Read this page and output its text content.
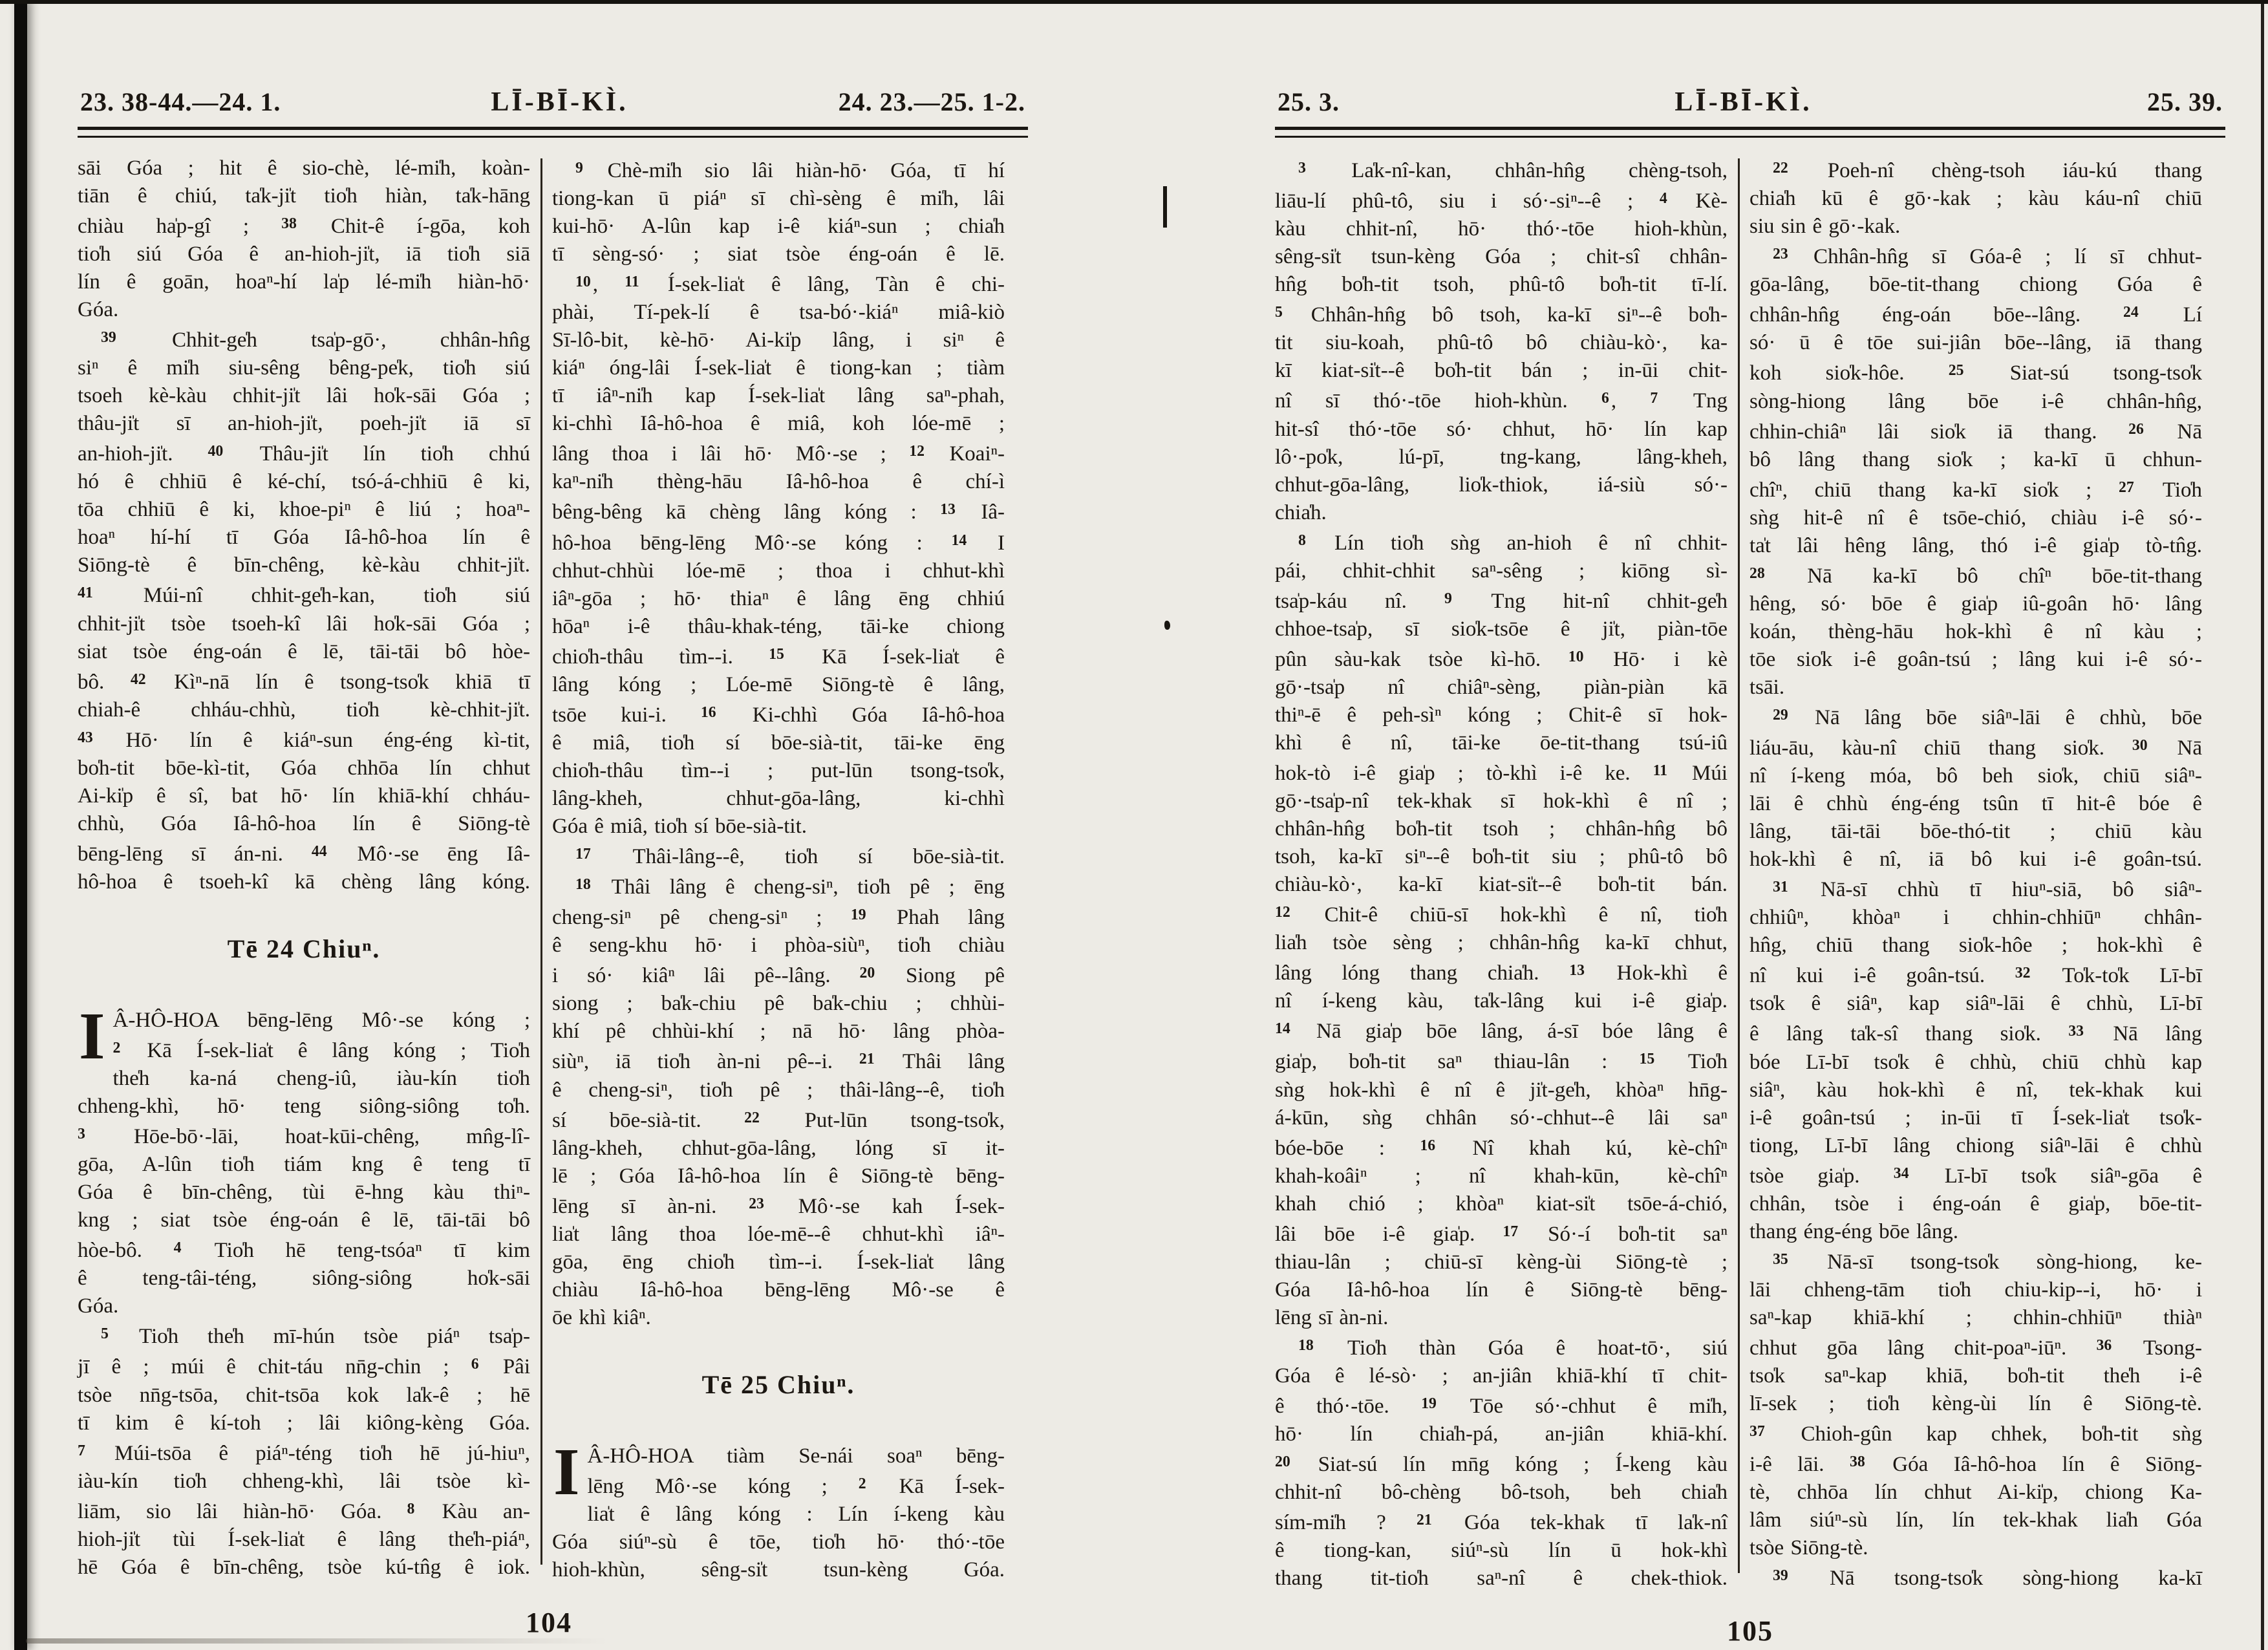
23. 38-44.—24. 1.	LĪ-BĪ-KÌ.	24. 23.—25. 1-2.
sāi Góa ; hit ê sio-chè, lé-mi̍h, koàn-
tiān ê chiú, ta̍k-ji̍t tio̍h hiàn, ta̍k-hāng
chiàu ha̍p-gî ; $^{38}$ Chit-ê í-gōa, koh
tio̍h siú Góa ê an-hioh-ji̍t, iā tio̍h siā
lín ê goān, hoaⁿ-hí la̍p lé-mi̍h hiàn-hō·
Góa.
$^{39}$ Chhit-ge̍h tsa̍p-gō·, chhân-hn̂g
siⁿ ê mi̍h siu-sêng bêng-pe̍k, tio̍h siú
tsoeh kè-kàu chhit-ji̍t lâi ho̍k-sāi Góa ;
thâu-ji̍t sī an-hioh-ji̍t, poeh-ji̍t iā sī
an-hioh-ji̍t. $^{40}$ Thâu-ji̍t lín tio̍h chhú
hó ê chhiū ê ké-chí, tsó-á-chhiū ê ki,
tōa chhiū ê ki, khoe-piⁿ ê liú ; hoaⁿ-
hoaⁿ hí-hí tī Góa Iâ-hô-hoa lín ê
Siōng-tè ê bīn-chêng, kè-kàu chhit-ji̍t.
$^{41}$ Múi-nî chhit-ge̍h-kan, tio̍h siú
chhit-ji̍t tsòe tsoeh-kî lâi ho̍k-sāi Góa ;
siat tsòe éng-oán ê lē, tāi-tāi bô hòe-
bô. $^{42}$ Kìⁿ-nā lín ê tsong-tso̍k khiā tī
chiah-ê chháu-chhù, tio̍h kè-chhit-ji̍t.
$^{43}$ Hō· lín ê kiáⁿ-sun éng-éng kì-tit,
bo̍h-tit bōe-kì-tit, Góa chhōa lín chhut
Ai-ki̍p ê sî, bat hō· lín khiā-khí chháu-
chhù, Góa Iâ-hô-hoa lín ê Siōng-tè
bēng-lēng sī án-ni. $^{44}$ Mô·-se ēng Iâ-
hô-hoa ê tsoeh-kî kā chèng lâng kóng.
Tē 24 Chiuⁿ.
I Â-HÔ-HOA bēng-lēng Mô·-se kóng ;
$^2$ Kā Í-sek-lia̍t ê lâng kóng ; Tio̍h
the̍h ka-ná cheng-iû, iàu-kín tio̍h
chheng-khì, hō· teng siông-siông to̍h.
$^3$ Hōe-bō·-lāi, hoat-kūi-chêng, mn̂g-lî-
gōa, A-lûn tio̍h tiám kng ê teng tī
Góa ê bīn-chêng, tùi ē-hng kàu thiⁿ-
kng ; siat tsòe éng-oán ê lē, tāi-tāi bô
hòe-bô. $^4$ Tio̍h hē teng-tsóaⁿ tī kim
ê teng-tâi-téng, siông-siông ho̍k-sāi
Góa.
$^5$ Tio̍h the̍h mī-hún tsòe piáⁿ tsa̍p-
jī ê ; múi ê chit-táu nn̄g-chin ; $^6$ Pâi
tsòe nn̄g-tsōa, chit-tsōa kok la̍k-ê ; hē
tī kim ê kí-toh ; lâi kiông-kèng Góa.
$^7$ Múi-tsōa ê piáⁿ-téng tio̍h hē jú-hiuⁿ,
iàu-kín tio̍h chheng-khì, lâi tsòe kì-
liām, sio lâi hiàn-hō· Góa. $^8$ Kàu an-
hioh-ji̍t tùi Í-sek-lia̍t ê lâng the̍h-piáⁿ,
hē Góa ê bīn-chêng, tsòe kú-tn̂g ê iok.
$^9$ Chè-mi̍h sio lâi hiàn-hō· Góa, tī hí
tiong-kan ū piáⁿ sī chì-sèng ê mi̍h, lâi
kui-hō· A-lûn kap i-ê kiáⁿ-sun ; chia̍h
tī sèng-só· ; siat tsòe éng-oán ê lē.
$^{10}$, $^{11}$ Í-sek-lia̍t ê lâng, Tàn ê chi-
phài, Tí-pek-lí ê tsa-bó·-kiáⁿ miâ-kiò
Sī-lô-bit, kè-hō· Ai-ki̍p lâng, i siⁿ ê
kiáⁿ óng-lâi Í-sek-lia̍t ê tiong-kan ; tiàm
tī iâⁿ-ni̍h kap Í-sek-lia̍t lâng saⁿ-phah,
ki-chhì Iâ-hô-hoa ê miâ, koh lóe-mē ;
lâng thoa i lâi hō· Mô·-se ; $^{12}$ Koaiⁿ-
kaⁿ-ni̍h thèng-hāu Iâ-hô-hoa ê chí-ì
bêng-bêng kā chèng lâng kóng : $^{13}$ Iâ-
hô-hoa bēng-lēng Mô·-se kóng : $^{14}$ I
chhut-chhùi lóe-mē ; thoa i chhut-khì
iâⁿ-gōa ; hō· thiaⁿ ê lâng ēng chhiú
hōaⁿ i-ê thâu-khak-téng, tāi-ke chiong
chio̍h-thâu tìm--i. $^{15}$ Kā Í-sek-lia̍t ê
lâng kóng ; Lóe-mē Siōng-tè ê lâng,
tsōe kui-i. $^{16}$ Ki-chhì Góa Iâ-hô-hoa
ê miâ, tio̍h sí bōe-sià-tit, tāi-ke ēng
chio̍h-thâu tìm--i ; put-lūn tsong-tso̍k,
lâng-kheh, chhut-gōa-lâng, ki-chhì
Góa ê miâ, tio̍h sí bōe-sià-tit.
$^{17}$ Thâi-lâng--ê, tio̍h sí bōe-sià-tit.
$^{18}$ Thâi lâng ê cheng-siⁿ, tio̍h pê ; ēng
cheng-siⁿ pê cheng-siⁿ ; $^{19}$ Phah lâng
ê seng-khu hō· i phòa-siùⁿ, tio̍h chiàu
i só· kiâⁿ lâi pê--lâng. $^{20}$ Siong pê
siong ; ba̍k-chiu pê ba̍k-chiu ; chhùi-
khí pê chhùi-khí ; nā hō· lâng phòa-
siùⁿ, iā tio̍h àn-ni pê--i. $^{21}$ Thâi lâng
ê cheng-siⁿ, tio̍h pê ; thâi-lâng--ê, tio̍h
sí bōe-sià-tit. $^{22}$ Put-lūn tsong-tso̍k,
lâng-kheh, chhut-gōa-lâng, lóng sī it-
lē ; Góa Iâ-hô-hoa lín ê Siōng-tè bēng-
lēng sī àn-ni. $^{23}$ Mô·-se kah Í-sek-
lia̍t lâng thoa lóe-mē--ê chhut-khì iâⁿ-
gōa, ēng chio̍h tìm--i. Í-sek-lia̍t lâng
chiàu Iâ-hô-hoa bēng-lēng Mô·-se ê
ōe khì kiâⁿ.
Tē 25 Chiuⁿ.
I Â-HÔ-HOA tiàm Se-nái soaⁿ bēng-
lēng Mô·-se kóng ; $^2$ Kā Í-sek-
lia̍t ê lâng kóng : Lín í-keng kàu
Góa siúⁿ-sù ê tōe, tio̍h hō· thó·-tōe
hioh-khùn, sêng-si̍t tsun-kèng Góa.
104
25. 3.	LĪ-BĪ-KÌ.	25. 39.
$^3$ La̍k-nî-kan, chhân-hn̂g chèng-tsoh,
liāu-lí phû-tô, siu i só·-siⁿ--ê ; $^4$ Kè-
kàu chhit-nî, hō· thó·-tōe hioh-khùn,
sêng-si̍t tsun-kèng Góa ; chit-sî chhân-
hn̂g bo̍h-tit tsoh, phû-tô bo̍h-tit tī-lí.
$^5$ Chhân-hn̂g bô tsoh, ka-kī siⁿ--ê bo̍h-
tit siu-koah, phû-tô bô chiàu-kò·, ka-
kī kiat-si̍t--ê bo̍h-tit bán ; in-ūi chit-
nî sī thó·-tōe hioh-khùn. $^6$, $^7$ Tng
hit-sî thó·-tōe só· chhut, hō· lín kap
lô·-po̍k, lú-pī, tng-kang, lâng-kheh,
chhut-gōa-lâng, lio̍k-thiok, iá-siù só·-
chia̍h.
$^8$ Lín tio̍h sǹg an-hioh ê nî chhit-
pái, chhit-chhit saⁿ-sêng ; kiōng sì-
tsa̍p-káu nî. $^9$ Tng hit-nî chhit-ge̍h
chhoe-tsa̍p, sī sio̍k-tsōe ê ji̍t, piàn-tōe
pûn sàu-kak tsòe kì-hō. $^{10}$ Hō· i kè
gō·-tsa̍p nî chiâⁿ-sèng, piàn-piàn kā
thiⁿ-ē ê peh-sìⁿ kóng ; Chit-ê sī hok-
khì ê nî, tāi-ke ōe-tit-thang tsú-iû
hok-tò i-ê gia̍p ; tò-khì i-ê ke. $^{11}$ Múi
gō·-tsa̍p-nî tek-khak sī hok-khì ê nî ;
chhân-hn̂g bo̍h-tit tsoh ; chhân-hn̂g bô
tsoh, ka-kī siⁿ--ê bo̍h-tit siu ; phû-tô bô
chiàu-kò·, ka-kī kiat-si̍t--ê bo̍h-tit bán.
$^{12}$ Chit-ê chiū-sī hok-khì ê nî, tio̍h
lia̍h tsòe sèng ; chhân-hn̂g ka-kī chhut,
lâng lóng thang chia̍h. $^{13}$ Hok-khì ê
nî í-keng kàu, ta̍k-lâng kui i-ê gia̍p.
$^{14}$ Nā gia̍p bōe lâng, á-sī bóe lâng ê
gia̍p, bo̍h-tit saⁿ thiau-lân : $^{15}$ Tio̍h
sǹg hok-khì ê nî ê ji̍t-ge̍h, khòaⁿ hn̄g-
á-kūn, sǹg chhân só·-chhut--ê lâi saⁿ
bóe-bōe : $^{16}$ Nî khah kú, kè-chîⁿ
khah-koâiⁿ ; nî khah-kūn, kè-chîⁿ
khah chió ; khòaⁿ kiat-si̍t tsōe-á-chió,
lâi bōe i-ê gia̍p. $^{17}$ Só·-í bo̍h-tit saⁿ
thiau-lân ; chiū-sī kèng-ùi Siōng-tè ;
Góa Iâ-hô-hoa lín ê Siōng-tè bēng-
lēng sī àn-ni.
$^{18}$ Tio̍h thàn Góa ê hoat-tō·, siú
Góa ê lé-sò· ; an-jiân khiā-khí tī chit-
ê thó·-tōe. $^{19}$ Tōe só·-chhut ê mi̍h,
hō· lín chia̍h-pá, an-jiân khiā-khí.
$^{20}$ Siat-sú lín mn̄g kóng ; Í-keng kàu
chhit-nî bô-chèng bô-tsoh, beh chia̍h
sím-mi̍h ? $^{21}$ Góa tek-khak tī la̍k-nî
ê tiong-kan, siúⁿ-sù lín ū hok-khì
thang tit-tio̍h saⁿ-nî ê chek-thiok.
$^{22}$ Poeh-nî chèng-tsoh iáu-kú thang
chia̍h kū ê gō·-kak ; kàu káu-nî chiū
siu sin ê gō·-kak.
$^{23}$ Chhân-hn̂g sī Góa-ê ; lí sī chhut-
gōa-lâng, bōe-tit-thang chiong Góa ê
chhân-hn̂g éng-oán bōe--lâng. $^{24}$ Lí
só· ū ê tōe sui-jiân bōe--lâng, iā thang
koh sio̍k-hôe. $^{25}$ Siat-sú tsong-tso̍k
sòng-hiong lâng bōe i-ê chhân-hn̂g,
chhin-chiâⁿ lâi sio̍k iā thang. $^{26}$ Nā
bô lâng thang sio̍k ; ka-kī ū chhun-
chîⁿ, chiū thang ka-kī sio̍k ; $^{27}$ Tio̍h
sǹg hit-ê nî ê tsōe-chió, chiàu i-ê só·-
ta̍t lâi hêng lâng, thó i-ê gia̍p tò-tn̂g.
$^{28}$ Nā ka-kī bô chîⁿ bōe-tit-thang
hêng, só· bōe ê gia̍p iû-goân hō· lâng
koán, thèng-hāu hok-khì ê nî kàu ;
tōe sio̍k i-ê goân-tsú ; lâng kui i-ê só·-
tsāi.
$^{29}$ Nā lâng bōe siâⁿ-lāi ê chhù, bōe
liáu-āu, kàu-nî chiū thang sio̍k. $^{30}$ Nā
nî í-keng móa, bô beh sio̍k, chiū siâⁿ-
lāi ê chhù éng-éng tsûn tī hit-ê bóe ê
lâng, tāi-tāi bōe-thó-tit ; chiū kàu
hok-khì ê nî, iā bô kui i-ê goân-tsú.
$^{31}$ Nā-sī chhù tī hiuⁿ-siā, bô siâⁿ-
chhiûⁿ, khòaⁿ i chhin-chhiūⁿ chhân-
hn̂g, chiū thang sio̍k-hôe ; hok-khì ê
nî kui i-ê goân-tsú. $^{32}$ To̍k-to̍k Lī-bī
tso̍k ê siâⁿ, kap siâⁿ-lāi ê chhù, Lī-bī
ê lâng ta̍k-sî thang sio̍k. $^{33}$ Nā lâng
bóe Lī-bī tso̍k ê chhù, chiū chhù kap
siâⁿ, kàu hok-khì ê nî, tek-khak kui
i-ê goân-tsú ; in-ūi tī Í-sek-lia̍t tso̍k-
tiong, Lī-bī lâng chiong siâⁿ-lāi ê chhù
tsòe gia̍p. $^{34}$ Lī-bī tso̍k siâⁿ-gōa ê
chhân, tsòe i éng-oán ê gia̍p, bōe-tit-
thang éng-éng bōe lâng.
$^{35}$ Nā-sī tsong-tso̍k sòng-hiong, ke-
lāi chheng-tām tio̍h chiu-kip--i, hō· i
saⁿ-kap khiā-khí ; chhin-chhiūⁿ thiàⁿ
chhut gōa lâng chit-poaⁿ-iūⁿ. $^{36}$ Tsong-
tso̍k saⁿ-kap khiā, bo̍h-tit the̍h i-ê
lī-sek ; tio̍h kèng-ùi lín ê Siōng-tè.
$^{37}$ Chioh-gûn kap chhek, bo̍h-tit sǹg
i-ê lāi. $^{38}$ Góa Iâ-hô-hoa lín ê Siōng-
tè, chhōa lín chhut Ai-ki̍p, chiong Ka-
lâm siúⁿ-sù lín, lín tek-khak lia̍h Góa
tsòe Siōng-tè.
$^{39}$ Nā tsong-tso̍k sòng-hiong ka-kī
105
